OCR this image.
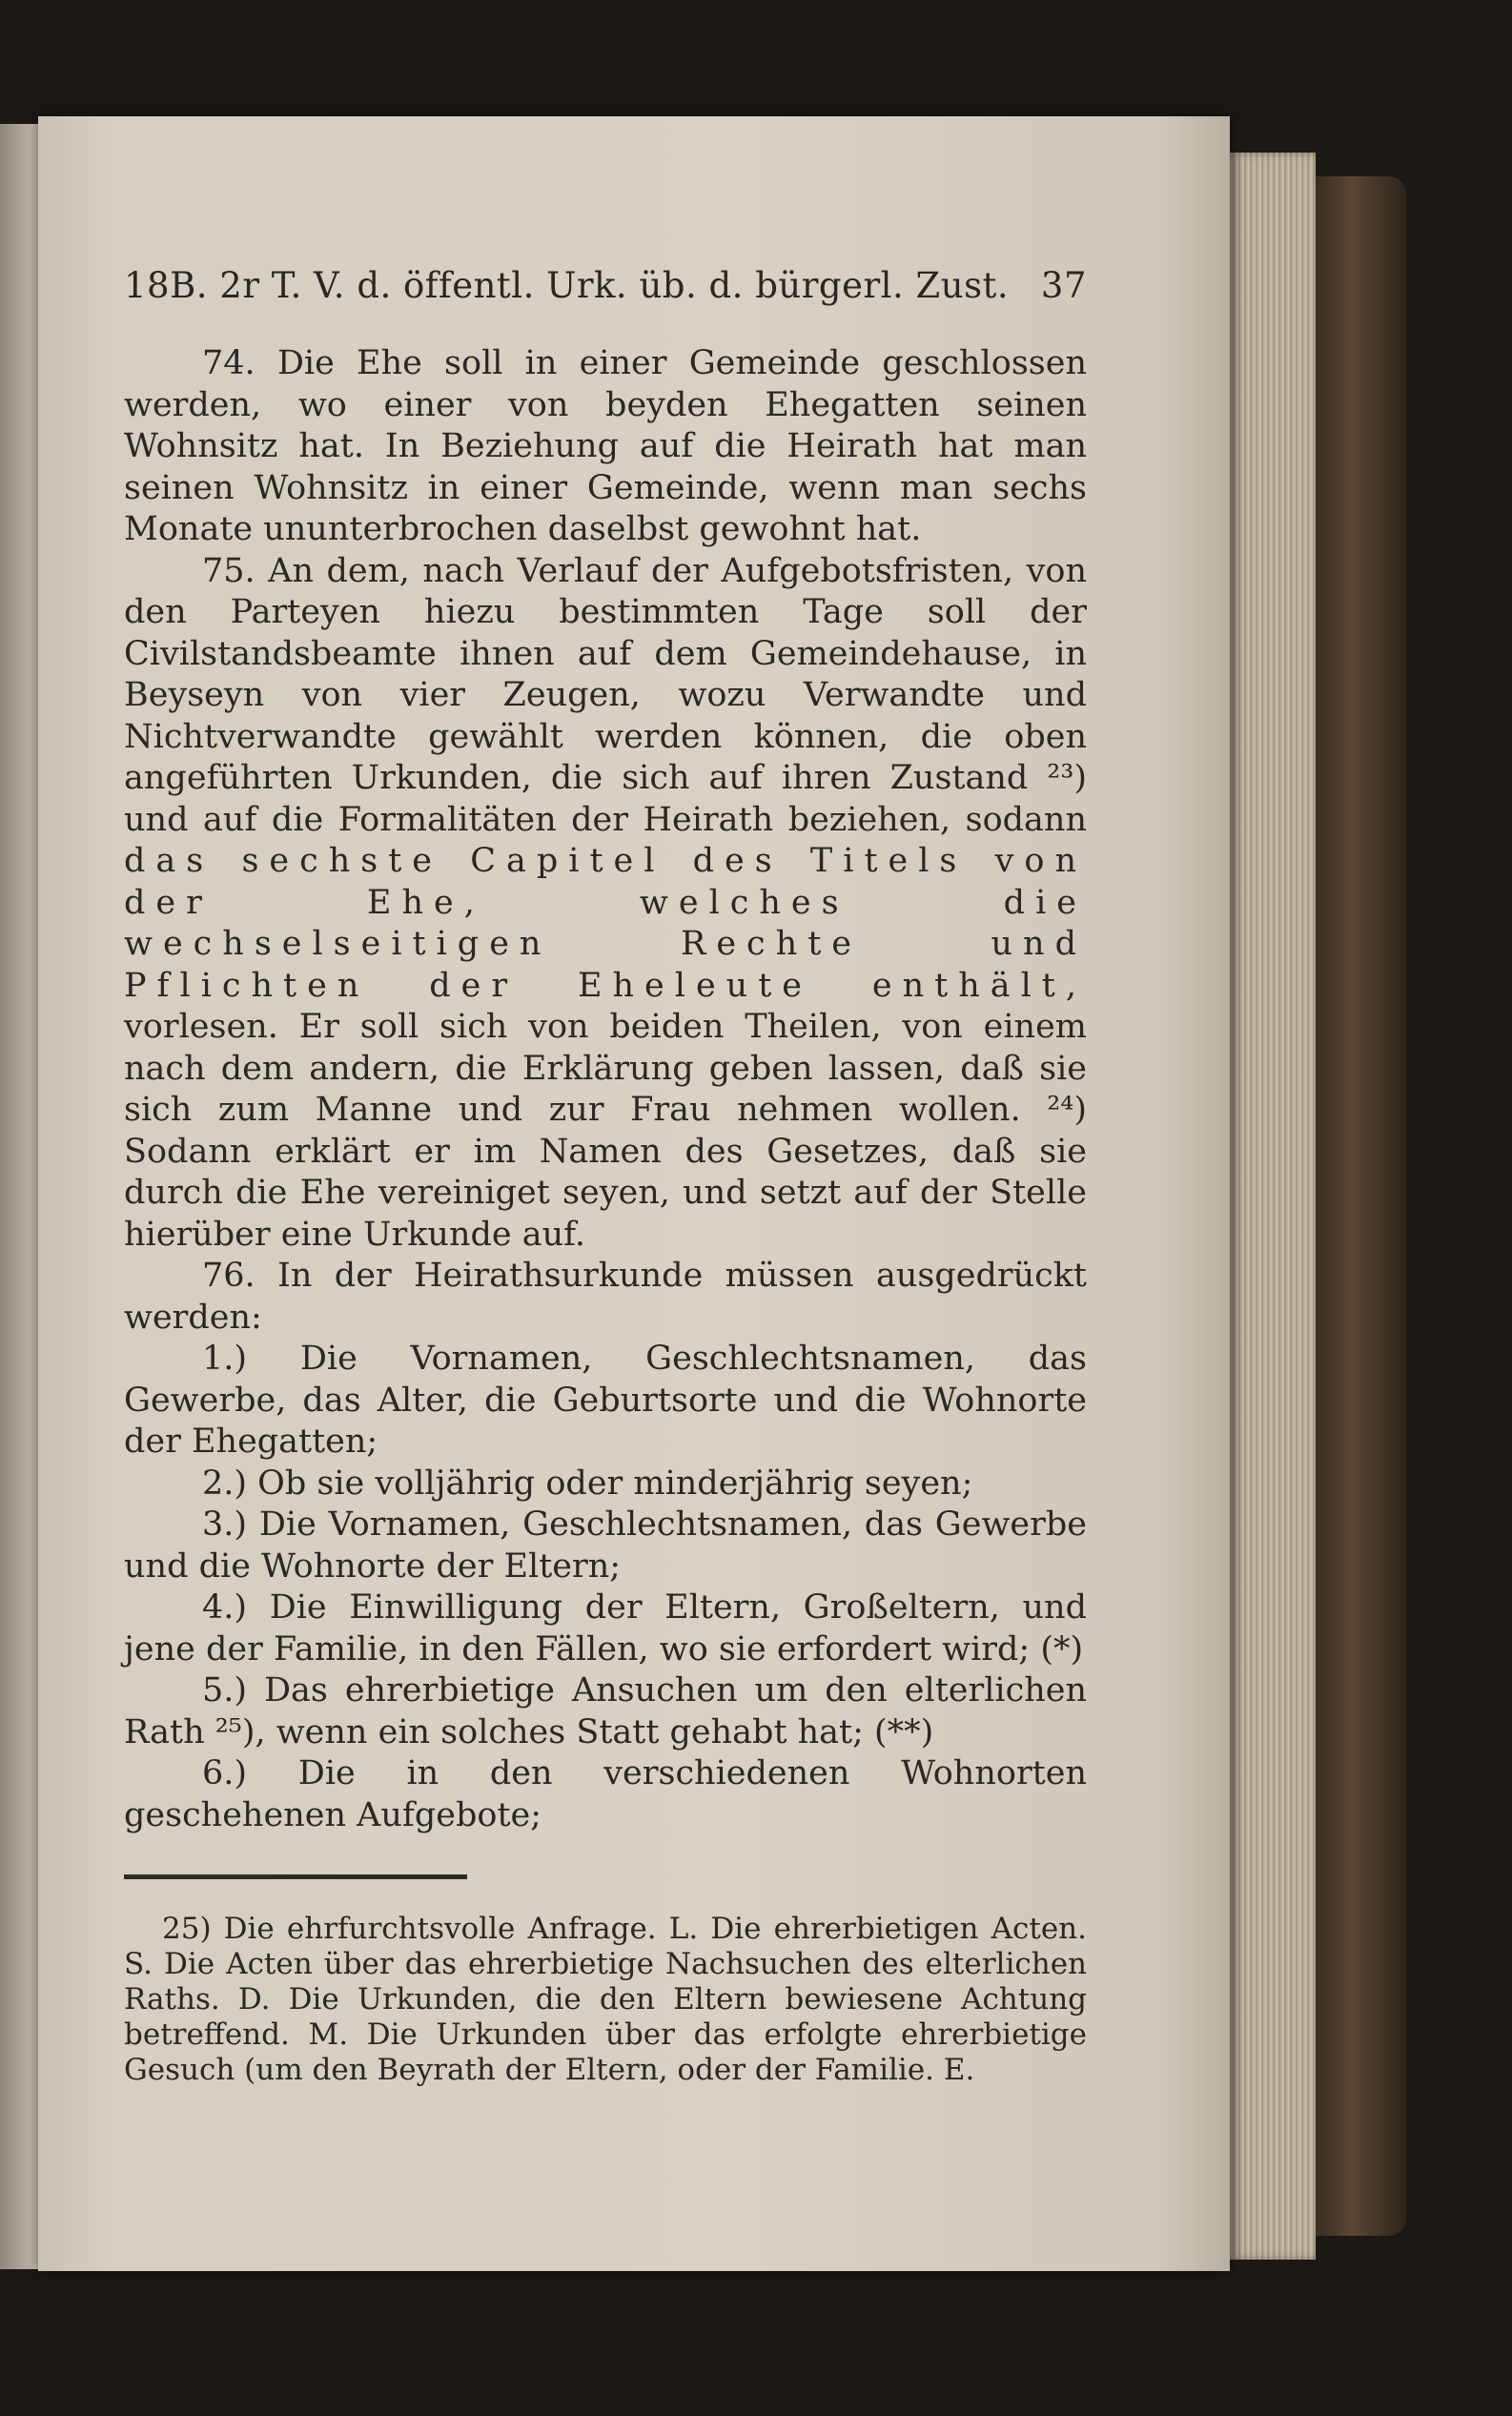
18B. 2r T. V. d. öffentl. Urk. üb. d. bürgerl. Zust. 37

74. Die Ehe soll in einer Gemeinde geschlossen werden, wo einer von beyden Ehegatten seinen Wohnsitz hat. In Beziehung auf die Heirath hat man seinen Wohnsitz in einer Gemeinde, wenn man sechs Monate ununterbrochen daselbst gewohnt hat.

75. An dem, nach Verlauf der Aufgebotsfristen, von den Parteyen hiezu bestimmten Tage soll der Civilstandsbeamte ihnen auf dem Gemeindehause, in Beyseyn von vier Zeugen, wozu Verwandte und Nichtverwandte gewählt werden können, die oben angeführten Urkunden, die sich auf ihren Zustand ²³) und auf die Formalitäten der Heirath beziehen, sodann das sechste Capitel des Titels von der Ehe, welches die wechselseitigen Rechte und Pflichten der Eheleute enthält, vorlesen. Er soll sich von beiden Theilen, von einem nach dem andern, die Erklärung geben lassen, daß sie sich zum Manne und zur Frau nehmen wollen. ²⁴) Sodann erklärt er im Namen des Gesetzes, daß sie durch die Ehe vereiniget seyen, und setzt auf der Stelle hierüber eine Urkunde auf.

76. In der Heirathsurkunde müssen ausgedrückt werden:

1.) Die Vornamen, Geschlechtsnamen, das Gewerbe, das Alter, die Geburtsorte und die Wohnorte der Ehegatten;

2.) Ob sie volljährig oder minderjährig seyen;

3.) Die Vornamen, Geschlechtsnamen, das Gewerbe und die Wohnorte der Eltern;

4.) Die Einwilligung der Eltern, Großeltern, und jene der Familie, in den Fällen, wo sie erfordert wird; (*)

5.) Das ehrerbietige Ansuchen um den elterlichen Rath ²⁵), wenn ein solches Statt gehabt hat; (**)

6.) Die in den verschiedenen Wohnorten geschehenen Aufgebote;

25) Die ehrfurchtsvolle Anfrage. L. Die ehrerbietigen Acten. S. Die Acten über das ehrerbietige Nachsuchen des elterlichen Raths. D. Die Urkunden, die den Eltern bewiesene Achtung betreffend. M. Die Urkunden über das erfolgte ehrerbietige Gesuch (um den Beyrath der Eltern, oder der Familie. E.
